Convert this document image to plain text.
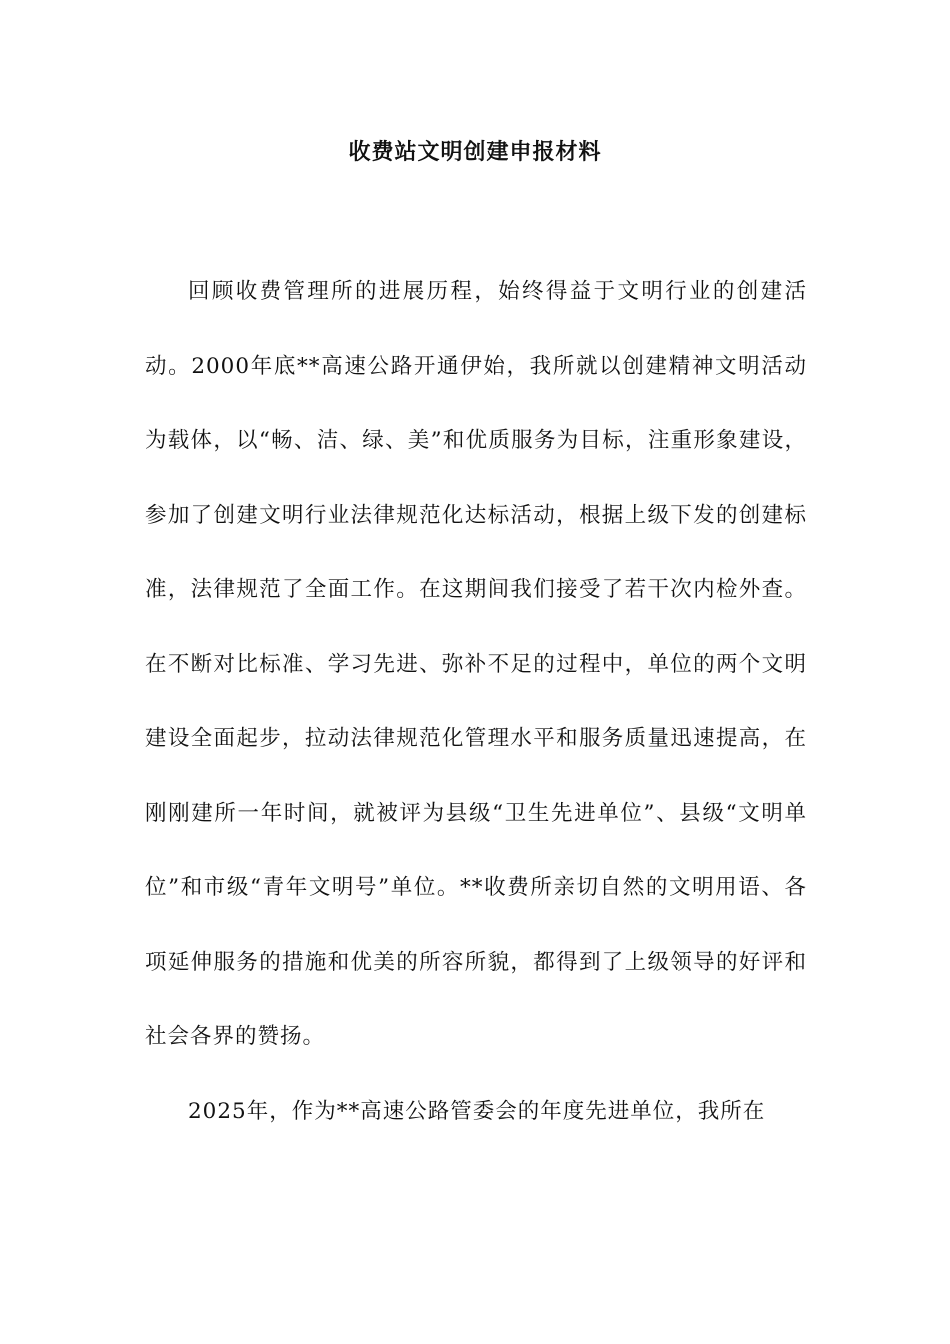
收费站文明创建申报材料

回顾收费管理所的进展历程，始终得益于文明行业的创建活动。2000年底**高速公路开通伊始，我所就以创建精神文明活动为载体，以“畅、洁、绿、美”和优质服务为目标，注重形象建设，参加了创建文明行业法律规范化达标活动，根据上级下发的创建标准，法律规范了全面工作。在这期间我们接受了若干次内检外查。在不断对比标准、学习先进、弥补不足的过程中，单位的两个文明建设全面起步，拉动法律规范化管理水平和服务质量迅速提高，在刚刚建所一年时间，就被评为县级“卫生先进单位”、县级“文明单位”和市级“青年文明号”单位。**收费所亲切自然的文明用语、各项延伸服务的措施和优美的所容所貌，都得到了上级领导的好评和社会各界的赞扬。

2025年，作为**高速公路管委会的年度先进单位，我所在
